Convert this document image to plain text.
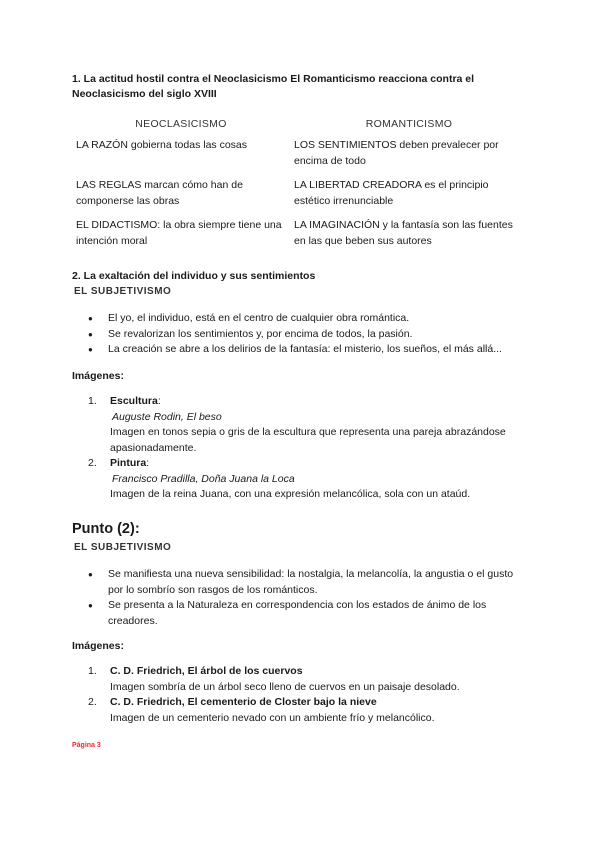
1. La actitud hostil contra el Neoclasicismo El Romanticismo reacciona contra el Neoclasicismo del siglo XVIII
NEOCLASICISMO	ROMANTICISMO
LA RAZÓN gobierna todas las cosas	LOS SENTIMIENTOS deben prevalecer por encima de todo
LAS REGLAS marcan cómo han de componerse las obras	LA LIBERTAD CREADORA es el principio estético irrenunciable
EL DIDACTISMO: la obra siempre tiene una intención moral	LA IMAGINACIÓN y la fantasía son las fuentes en las que beben sus autores
2. La exaltación del individuo y sus sentimientos
EL SUBJETIVISMO
● El yo, el individuo, está en el centro de cualquier obra romántica.
● Se revalorizan los sentimientos y, por encima de todos, la pasión.
● La creación se abre a los delirios de la fantasía: el misterio, los sueños, el más allá...
Imágenes:
1. Escultura:
Auguste Rodin, El beso
Imagen en tonos sepia o gris de la escultura que representa una pareja abrazándose apasionadamente.
2. Pintura:
Francisco Pradilla, Doña Juana la Loca
Imagen de la reina Juana, con una expresión melancólica, sola con un ataúd.
Punto (2):
EL SUBJETIVISMO
● Se manifiesta una nueva sensibilidad: la nostalgia, la melancolía, la angustia o el gusto por lo sombrío son rasgos de los románticos.
● Se presenta a la Naturaleza en correspondencia con los estados de ánimo de los creadores.
Imágenes:
1. C. D. Friedrich, El árbol de los cuervos
Imagen sombría de un árbol seco lleno de cuervos en un paisaje desolado.
2. C. D. Friedrich, El cementerio de Closter bajo la nieve
Imagen de un cementerio nevado con un ambiente frío y melancólico.
Página 3
